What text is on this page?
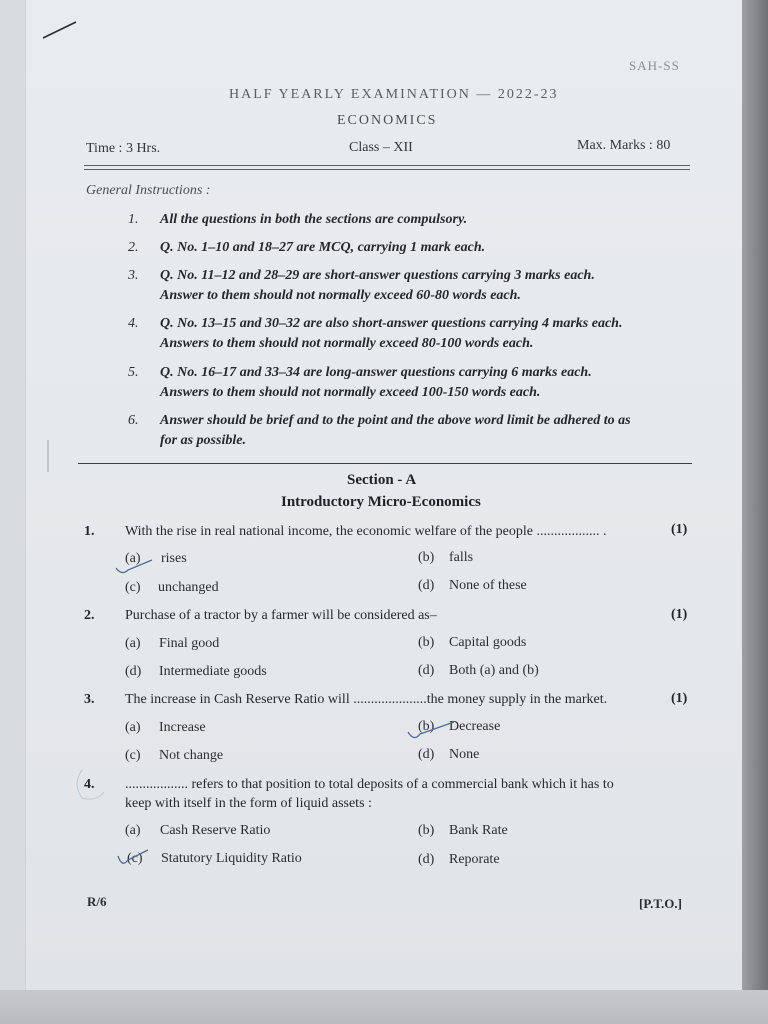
SAH-SS
HALF YEARLY EXAMINATION — 2022-23
ECONOMICS
Time : 3 Hrs.	Class – XII	Max. Marks : 80
General Instructions :
1. All the questions in both the sections are compulsory.
2. Q. No. 1–10 and 18–27 are MCQ, carrying 1 mark each.
3. Q. No. 11–12 and 28–29 are short-answer questions carrying 3 marks each.
Answer to them should not normally exceed 60-80 words each.
4. Q. No. 13–15 and 30–32 are also short-answer questions carrying 4 marks each.
Answers to them should not normally exceed 80-100 words each.
5. Q. No. 16–17 and 33–34 are long-answer questions carrying 6 marks each.
Answers to them should not normally exceed 100-150 words each.
6. Answer should be brief and to the point and the above word limit be adhered to as
for as possible.
Section - A
Introductory Micro-Economics
1. With the rise in real national income, the economic welfare of the people .................. .	(1)
(a) rises	(b) falls
(c) unchanged	(d) None of these
2. Purchase of a tractor by a farmer will be considered as–	(1)
(a) Final good	(b) Capital goods
(d) Intermediate goods	(d) Both (a) and (b)
3. The increase in Cash Reserve Ratio will .....................the money supply in the market.	(1)
(a) Increase	(b) Decrease
(c) Not change	(d) None
4. .................. refers to that position to total deposits of a commercial bank which it has to
keep with itself in the form of liquid assets :
(a) Cash Reserve Ratio	(b) Bank Rate
(c) Statutory Liquidity Ratio	(d) Reporate
R/6	[P.T.O.]
